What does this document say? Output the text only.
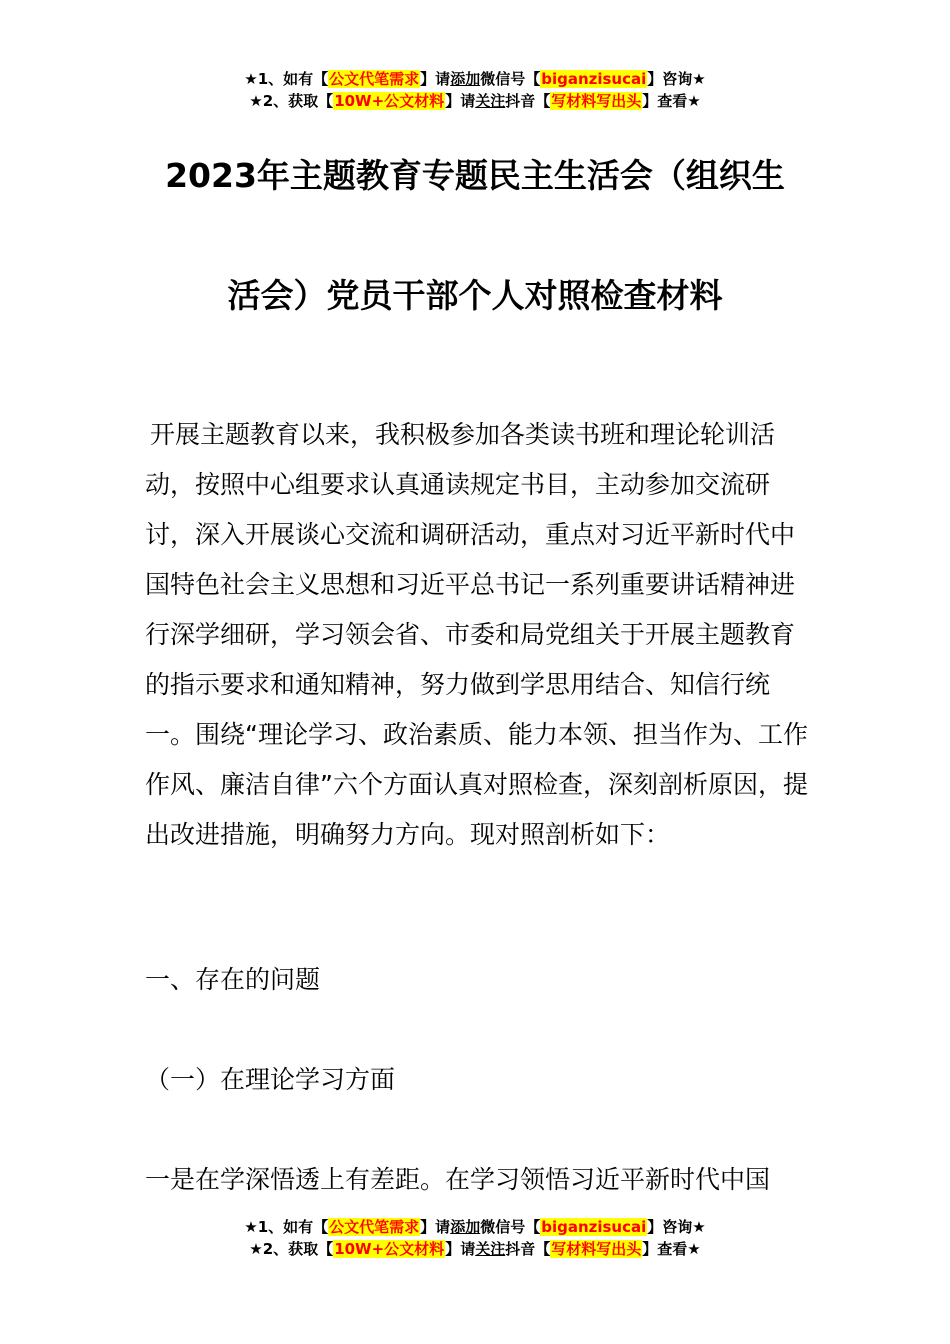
★1、如有【公文代笔需求】请添加微信号【biganzisucai】咨询★
★2、获取【10W+公文材料】请关注抖音【写材料写出头】查看★
2023年主题教育专题民主生活会（组织生
活会）党员干部个人对照检查材料
开展主题教育以来，我积极参加各类读书班和理论轮训活动，按照中心组要求认真通读规定书目，主动参加交流研讨，深入开展谈心交流和调研活动，重点对习近平新时代中国特色社会主义思想和习近平总书记一系列重要讲话精神进行深学细研，学习领会省、市委和局党组关于开展主题教育的指示要求和通知精神，努力做到学思用结合、知信行统一。围绕“理论学习、政治素质、能力本领、担当作为、工作作风、廉洁自律”六个方面认真对照检查，深刻剖析原因，提出改进措施，明确努力方向。现对照剖析如下：
一、存在的问题
（一）在理论学习方面
一是在学深悟透上有差距。在学习领悟习近平新时代中国
★1、如有【公文代笔需求】请添加微信号【biganzisucai】咨询★
★2、获取【10W+公文材料】请关注抖音【写材料写出头】查看★
